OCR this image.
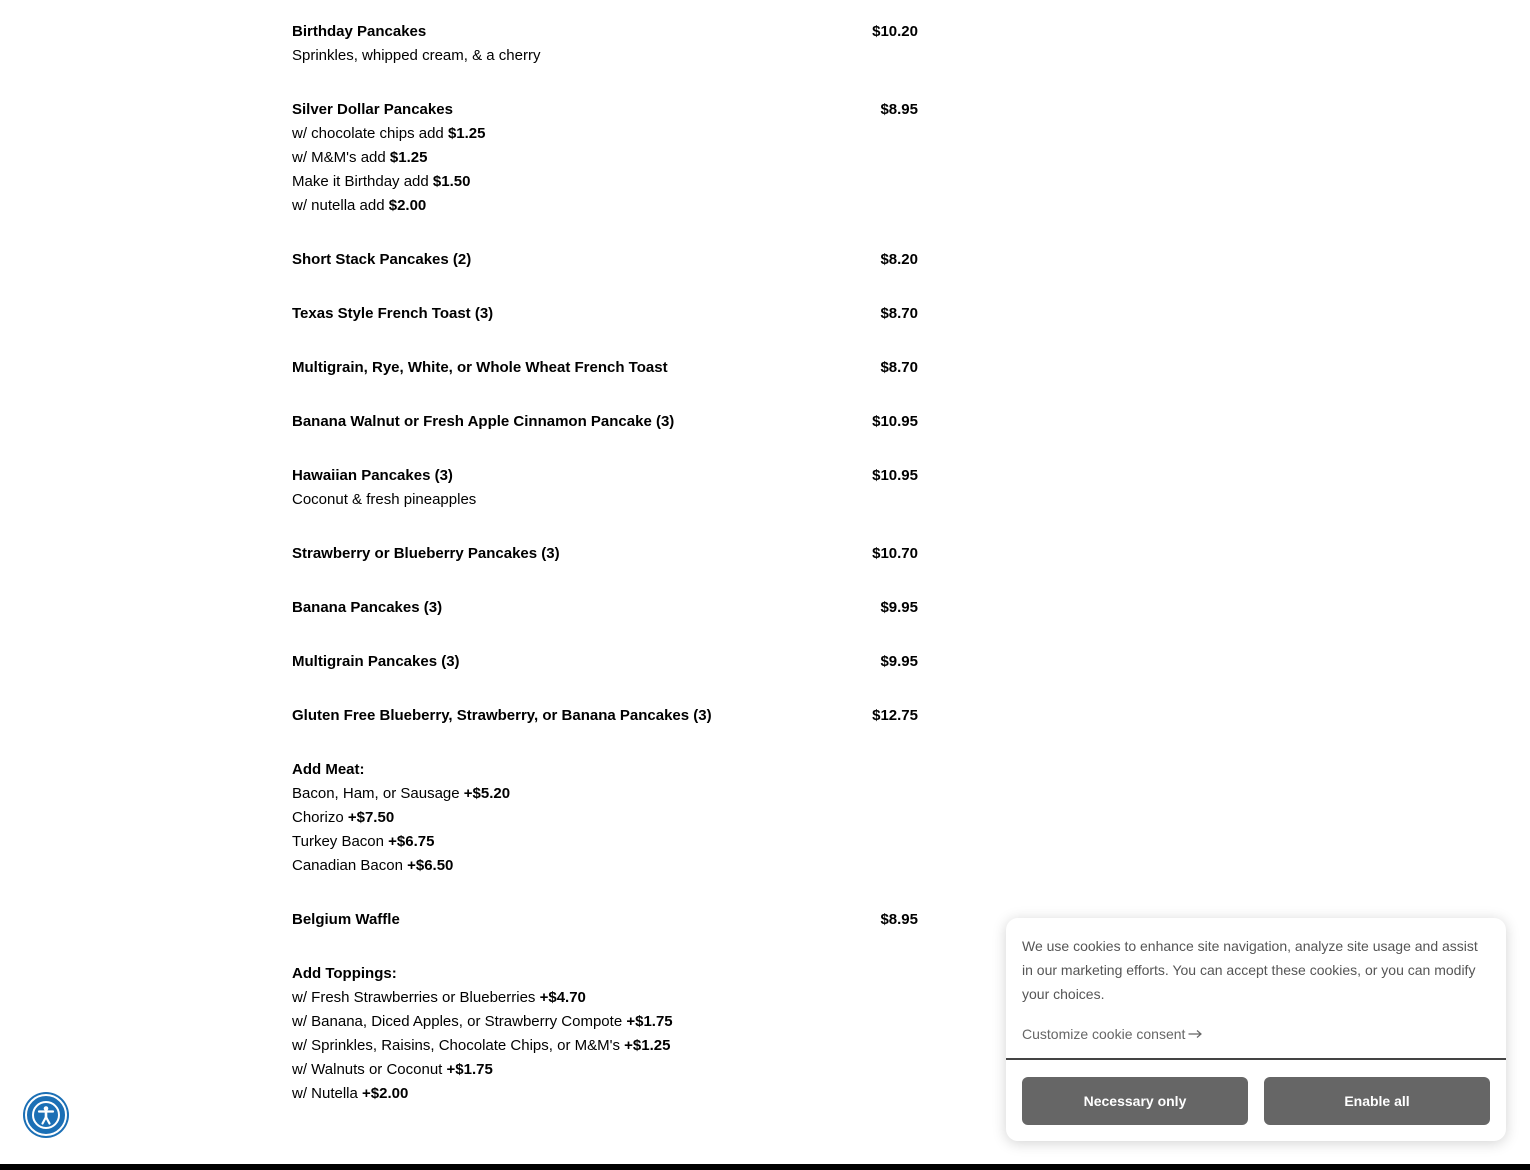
Birthday Pancakes	$10.20
Sprinkles, whipped cream, & a cherry
Silver Dollar Pancakes	$8.95
w/ chocolate chips add $1.25
w/ M&M's add $1.25
Make it Birthday add $1.50
w/ nutella add $2.00
Short Stack Pancakes (2)	$8.20
Texas Style French Toast (3)	$8.70
Multigrain, Rye, White, or Whole Wheat French Toast	$8.70
Banana Walnut or Fresh Apple Cinnamon Pancake (3)	$10.95
Hawaiian Pancakes (3)	$10.95
Coconut & fresh pineapples
Strawberry or Blueberry Pancakes (3)	$10.70
Banana Pancakes (3)	$9.95
Multigrain Pancakes (3)	$9.95
Gluten Free Blueberry, Strawberry, or Banana Pancakes (3)	$12.75
Add Meat:
Bacon, Ham, or Sausage +$5.20
Chorizo +$7.50
Turkey Bacon +$6.75
Canadian Bacon +$6.50
Belgium Waffle	$8.95
Add Toppings:
w/ Fresh Strawberries or Blueberries +$4.70
w/ Banana, Diced Apples, or Strawberry Compote +$1.75
w/ Sprinkles, Raisins, Chocolate Chips, or M&M's +$1.25
w/ Walnuts or Coconut +$1.75
w/ Nutella +$2.00
We use cookies to enhance site navigation, analyze site usage and assist in our marketing efforts. You can accept these cookies, or you can modify your choices.
Customize cookie consent
Necessary only	Enable all
